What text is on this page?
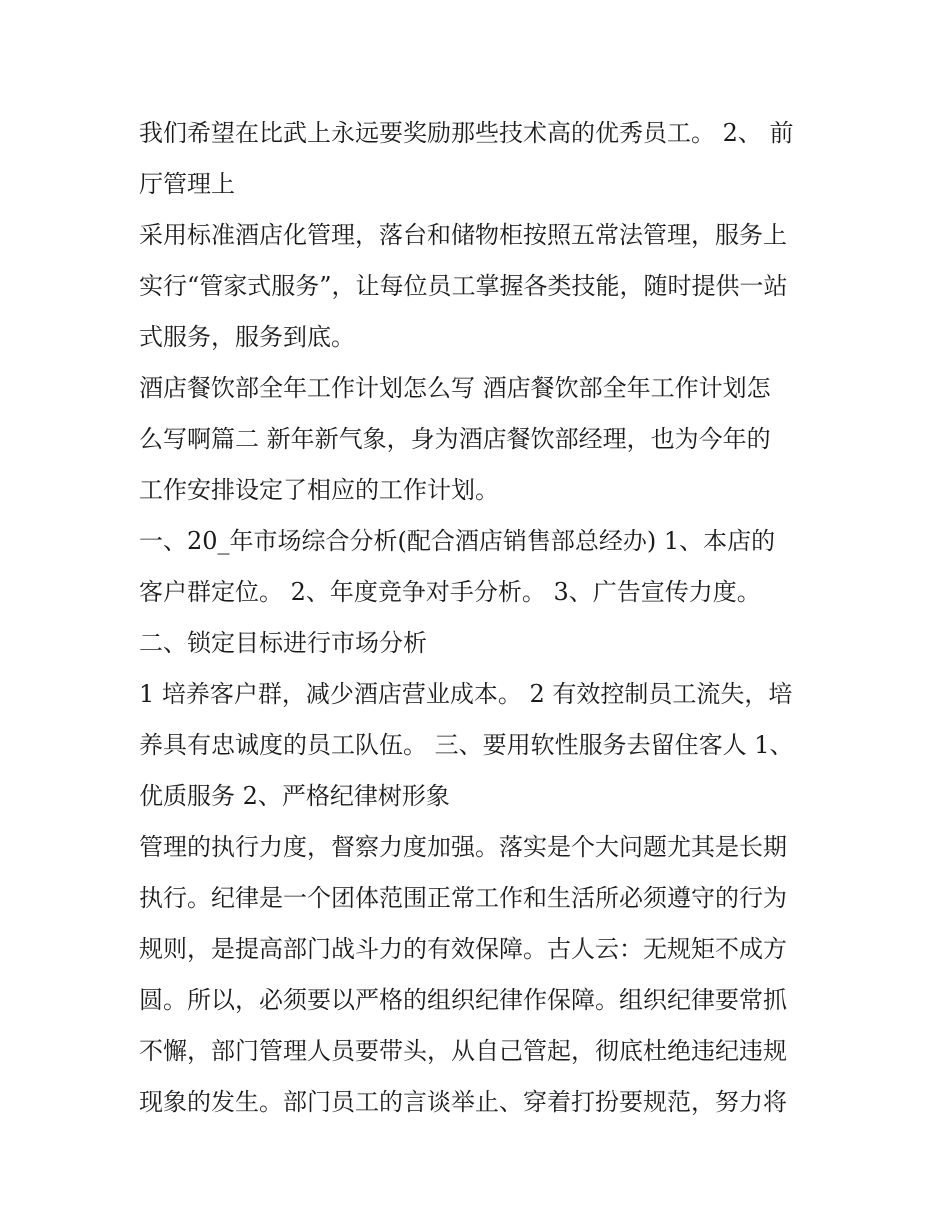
我们希望在比武上永远要奖励那些技术高的优秀员工。 2、 前
厅管理上
采用标准酒店化管理，落台和储物柜按照五常法管理，服务上
实行“管家式服务”，让每位员工掌握各类技能，随时提供一站
式服务，服务到底。
酒店餐饮部全年工作计划怎么写 酒店餐饮部全年工作计划怎
么写啊篇二 新年新气象，身为酒店餐饮部经理，也为今年的
工作安排设定了相应的工作计划。
一、20_年市场综合分析(配合酒店销售部总经办) 1、本店的
客户群定位。 2、年度竞争对手分析。 3、广告宣传力度。
二、锁定目标进行市场分析
1 培养客户群，减少酒店营业成本。 2 有效控制员工流失，培
养具有忠诚度的员工队伍。 三、要用软性服务去留住客人 1、
优质服务 2、严格纪律树形象
管理的执行力度，督察力度加强。落实是个大问题尤其是长期
执行。纪律是一个团体范围正常工作和生活所必须遵守的行为
规则，是提高部门战斗力的有效保障。古人云：无规矩不成方
圆。所以，必须要以严格的组织纪律作保障。组织纪律要常抓
不懈，部门管理人员要带头，从自己管起，彻底杜绝违纪违规
现象的发生。部门员工的言谈举止、穿着打扮要规范，努力将
